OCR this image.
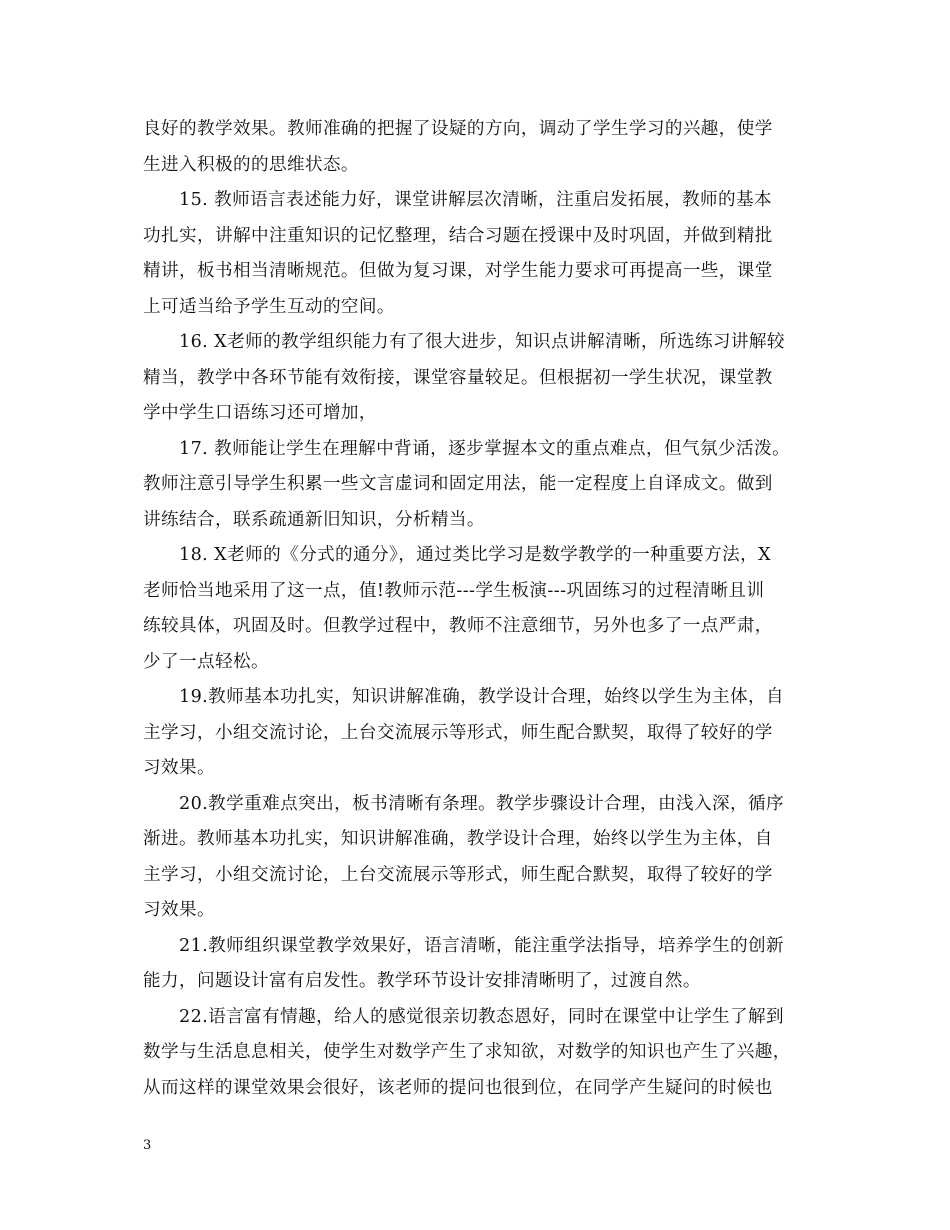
良好的教学效果。教师准确的把握了设疑的方向，调动了学生学习的兴趣，使学
生进入积极的的思维状态。
15. 教师语言表述能力好，课堂讲解层次清晰，注重启发拓展，教师的基本
功扎实，讲解中注重知识的记忆整理，结合习题在授课中及时巩固，并做到精批
精讲，板书相当清晰规范。但做为复习课，对学生能力要求可再提高一些，课堂
上可适当给予学生互动的空间。
16. X老师的教学组织能力有了很大进步，知识点讲解清晰，所选练习讲解较
精当，教学中各环节能有效衔接，课堂容量较足。但根据初一学生状况，课堂教
学中学生口语练习还可增加，
17. 教师能让学生在理解中背诵，逐步掌握本文的重点难点，但气氛少活泼。
教师注意引导学生积累一些文言虚词和固定用法，能一定程度上自译成文。做到
讲练结合，联系疏通新旧知识，分析精当。
18. X老师的《分式的通分》，通过类比学习是数学教学的一种重要方法，X
老师恰当地采用了这一点，值!教师示范---学生板演---巩固练习的过程清晰且训
练较具体，巩固及时。但教学过程中，教师不注意细节，另外也多了一点严肃，
少了一点轻松。
19.教师基本功扎实，知识讲解准确，教学设计合理，始终以学生为主体，自
主学习，小组交流讨论，上台交流展示等形式，师生配合默契，取得了较好的学
习效果。
20.教学重难点突出，板书清晰有条理。教学步骤设计合理，由浅入深，循序
渐进。教师基本功扎实，知识讲解准确，教学设计合理，始终以学生为主体，自
主学习，小组交流讨论，上台交流展示等形式，师生配合默契，取得了较好的学
习效果。
21.教师组织课堂教学效果好，语言清晰，能注重学法指导，培养学生的创新
能力，问题设计富有启发性。教学环节设计安排清晰明了，过渡自然。
22.语言富有情趣，给人的感觉很亲切教态恩好，同时在课堂中让学生了解到
数学与生活息息相关，使学生对数学产生了求知欲，对数学的知识也产生了兴趣，
从而这样的课堂效果会很好，该老师的提问也很到位，在同学产生疑问的时候也
3
